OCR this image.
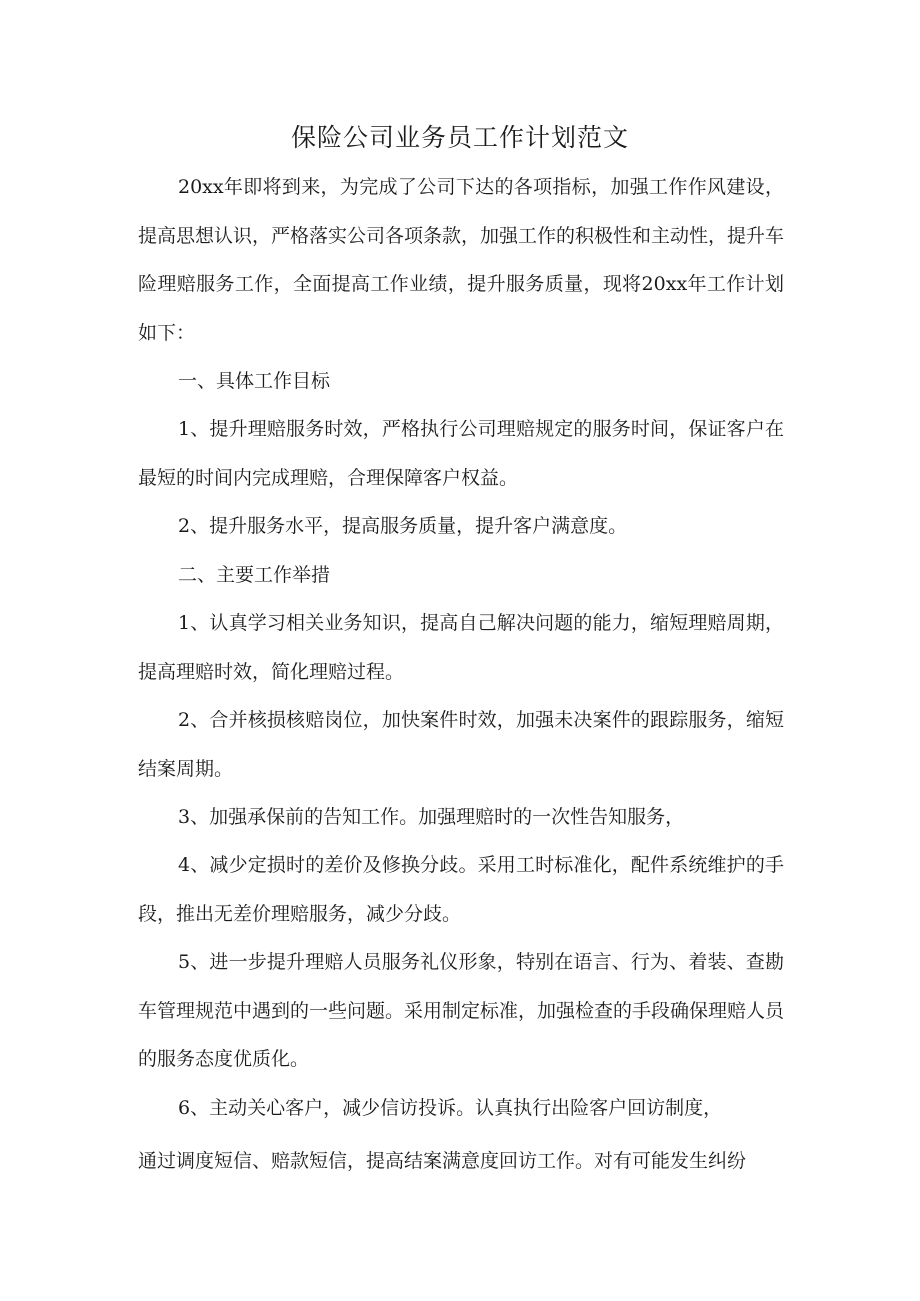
保险公司业务员工作计划范文

20xx年即将到来，为完成了公司下达的各项指标，加强工作作风建设，提高思想认识，严格落实公司各项条款，加强工作的积极性和主动性，提升车险理赔服务工作，全面提高工作业绩，提升服务质量，现将20xx年工作计划如下：

一、具体工作目标

1、提升理赔服务时效，严格执行公司理赔规定的服务时间，保证客户在最短的时间内完成理赔，合理保障客户权益。

2、提升服务水平，提高服务质量，提升客户满意度。

二、主要工作举措

1、认真学习相关业务知识，提高自己解决问题的能力，缩短理赔周期，提高理赔时效，简化理赔过程。

2、合并核损核赔岗位，加快案件时效，加强未决案件的跟踪服务，缩短结案周期。

3、加强承保前的告知工作。加强理赔时的一次性告知服务，

4、减少定损时的差价及修换分歧。采用工时标准化，配件系统维护的手段，推出无差价理赔服务，减少分歧。

5、进一步提升理赔人员服务礼仪形象，特别在语言、行为、着装、查勘车管理规范中遇到的一些问题。采用制定标准，加强检查的手段确保理赔人员的服务态度优质化。

6、主动关心客户，减少信访投诉。认真执行出险客户回访制度，

通过调度短信、赔款短信，提高结案满意度回访工作。对有可能发生纠纷
